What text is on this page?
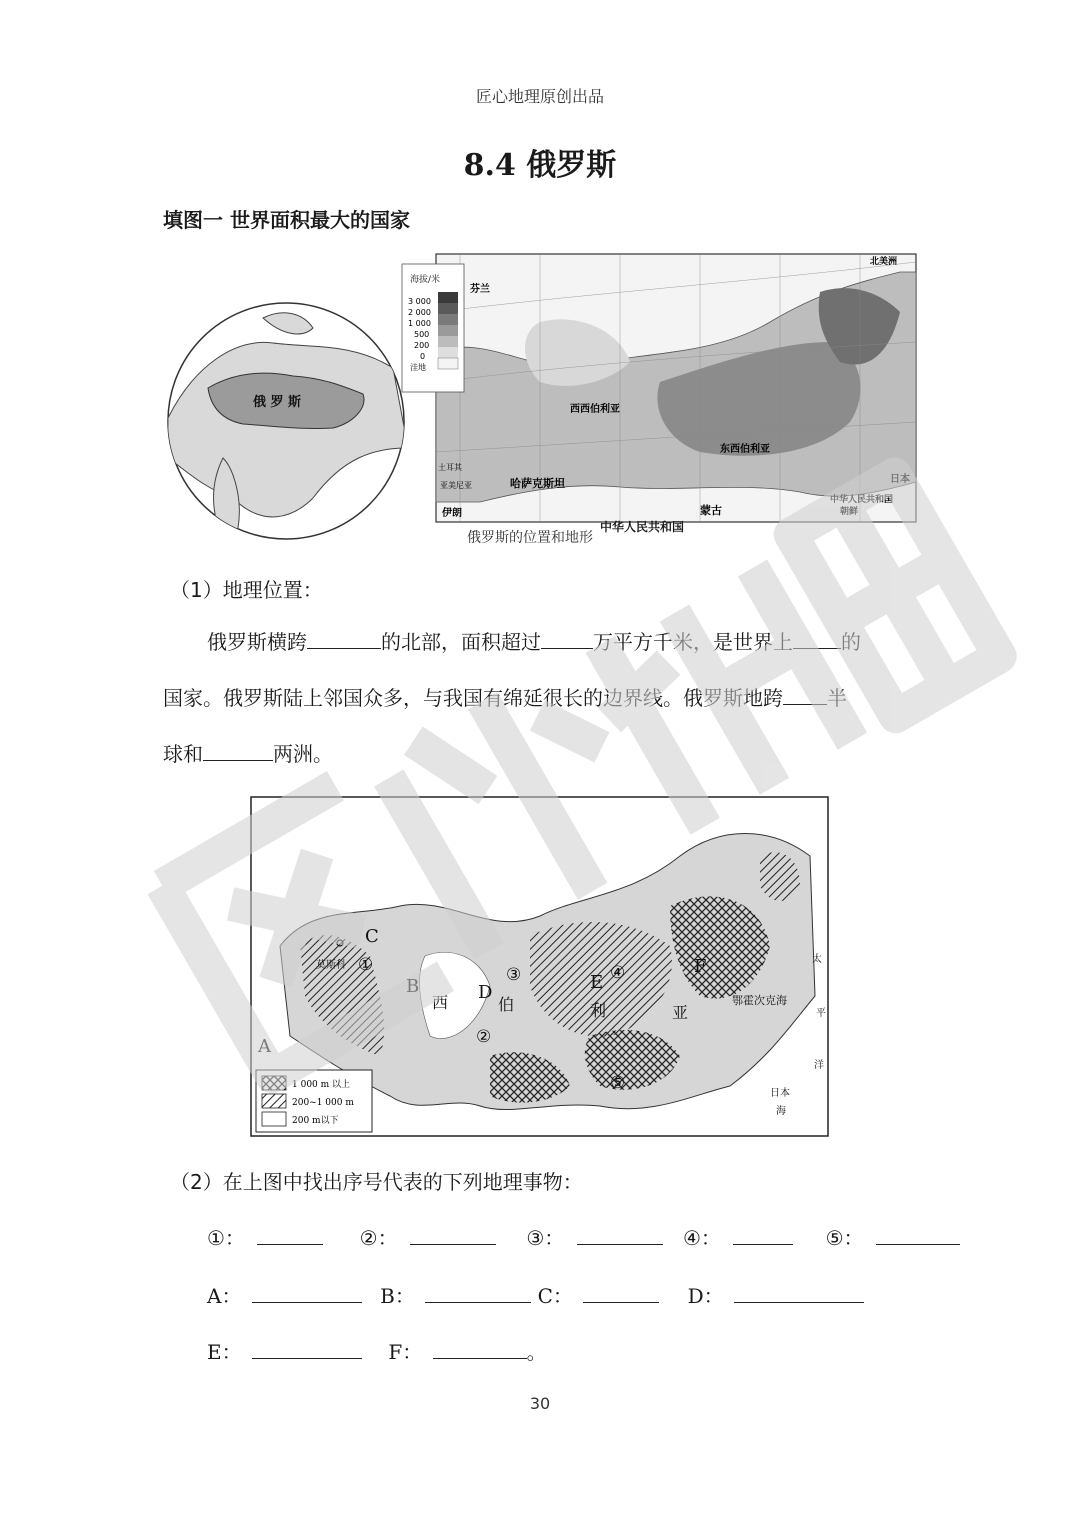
匠心地理原创出品
8.4 俄罗斯
填图一 世界面积最大的国家
俄 罗 斯
海拔/米
3 000
2 000
1 000
500
200
0
洼地
芬兰
北美洲
东西伯利亚
西西伯利亚
蒙古
哈萨克斯坦
伊朗
中华人民共和国
日本
朝鲜
土耳其
亚美尼亚
中华人民共和国
俄罗斯的位置和地形
（1）地理位置：
俄罗斯横跨	的北部，面积超过	万平方千米，是世界上 的
国家。俄罗斯陆上邻国众多，与我国有绵延很长的边界线。俄罗斯地跨 半
球和	两洲。
1 000 m 以上
200~1 000 m
200 m以下
A
B
C
D	E
F
①
②
③	④
⑤
莫斯科
西	伯	利	亚
鄂霍次克海
太
平
洋
日本
海
（2）在上图中找出序号代表的下列地理事物：
①：	②：	③：	④：	⑤：
A：	B：	C：	D：
E：	F：	。
30
